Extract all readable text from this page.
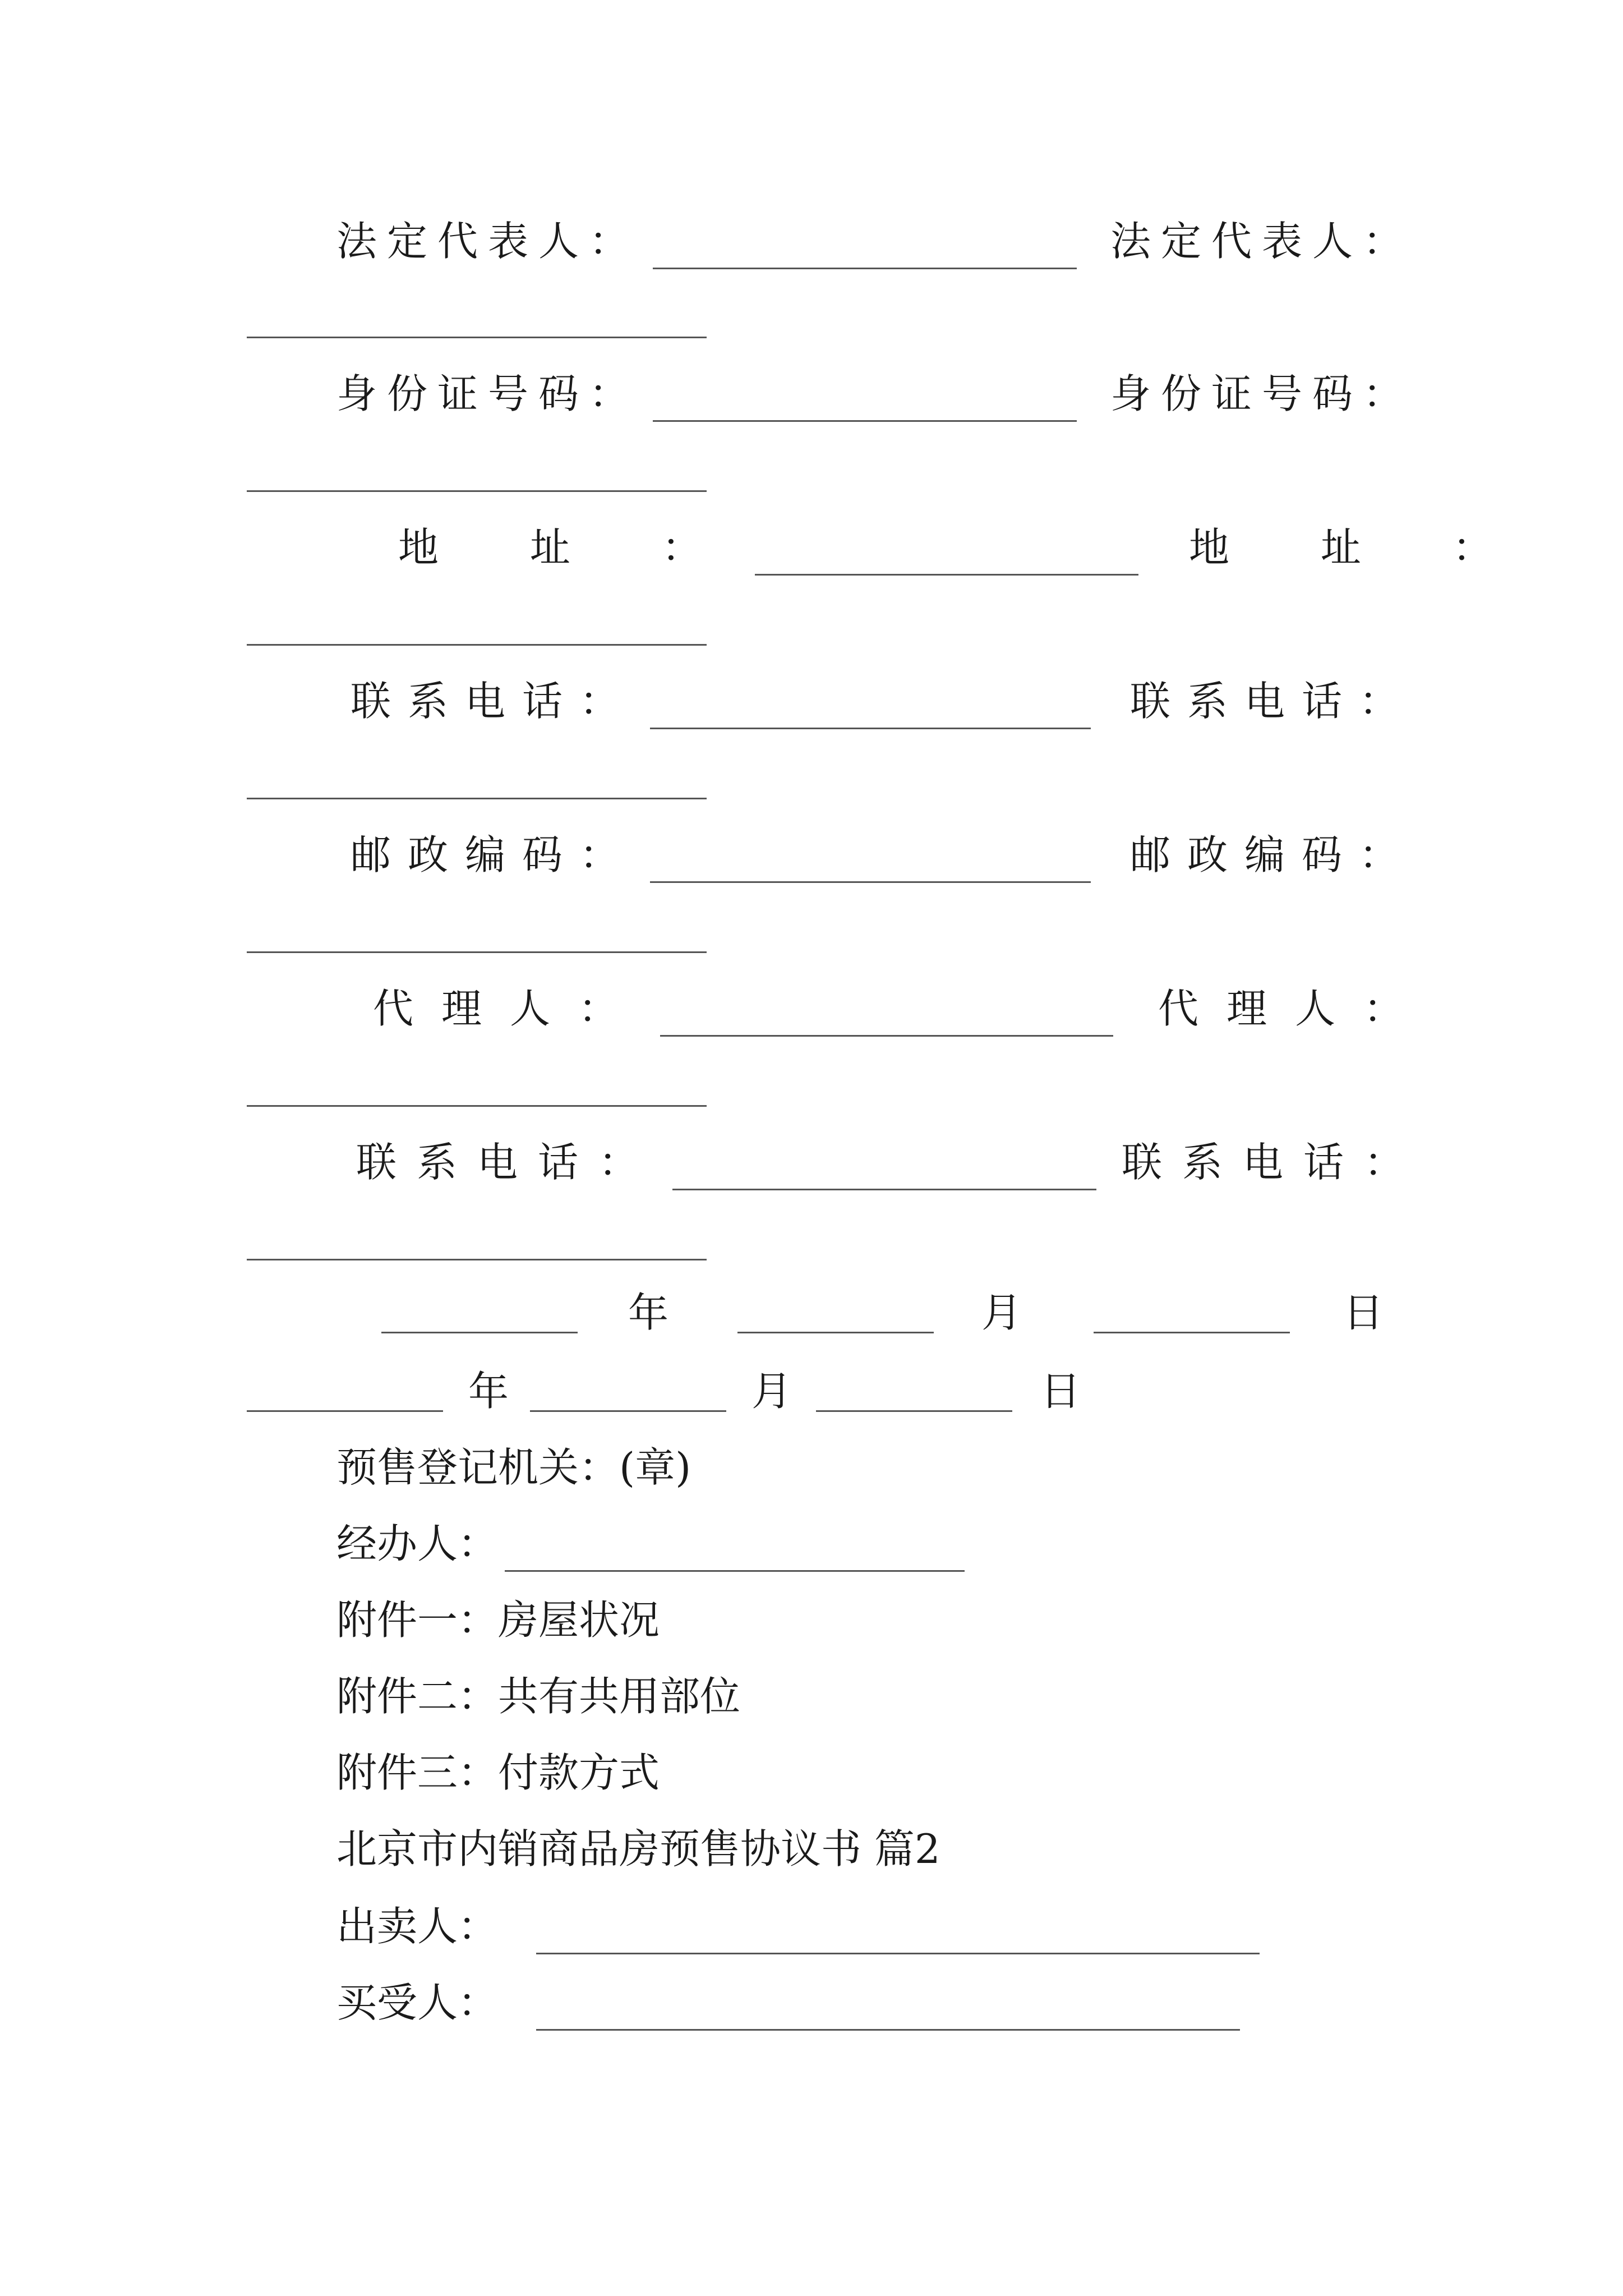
法定代表人：	法定代表人：
身份证号码：	身份证号码：
地 址 ：	地 址 ：
联系电话：	联系电话：
邮政编码：	邮政编码：
代理人：	代理人：
联系电话：	联系电话：
年	月	日
年	月	日
预售登记机关：(章)
经办人：
附件一：房屋状况
附件二：共有共用部位
附件三：付款方式
北京市内销商品房预售协议书 篇2
出卖人：
买受人：
